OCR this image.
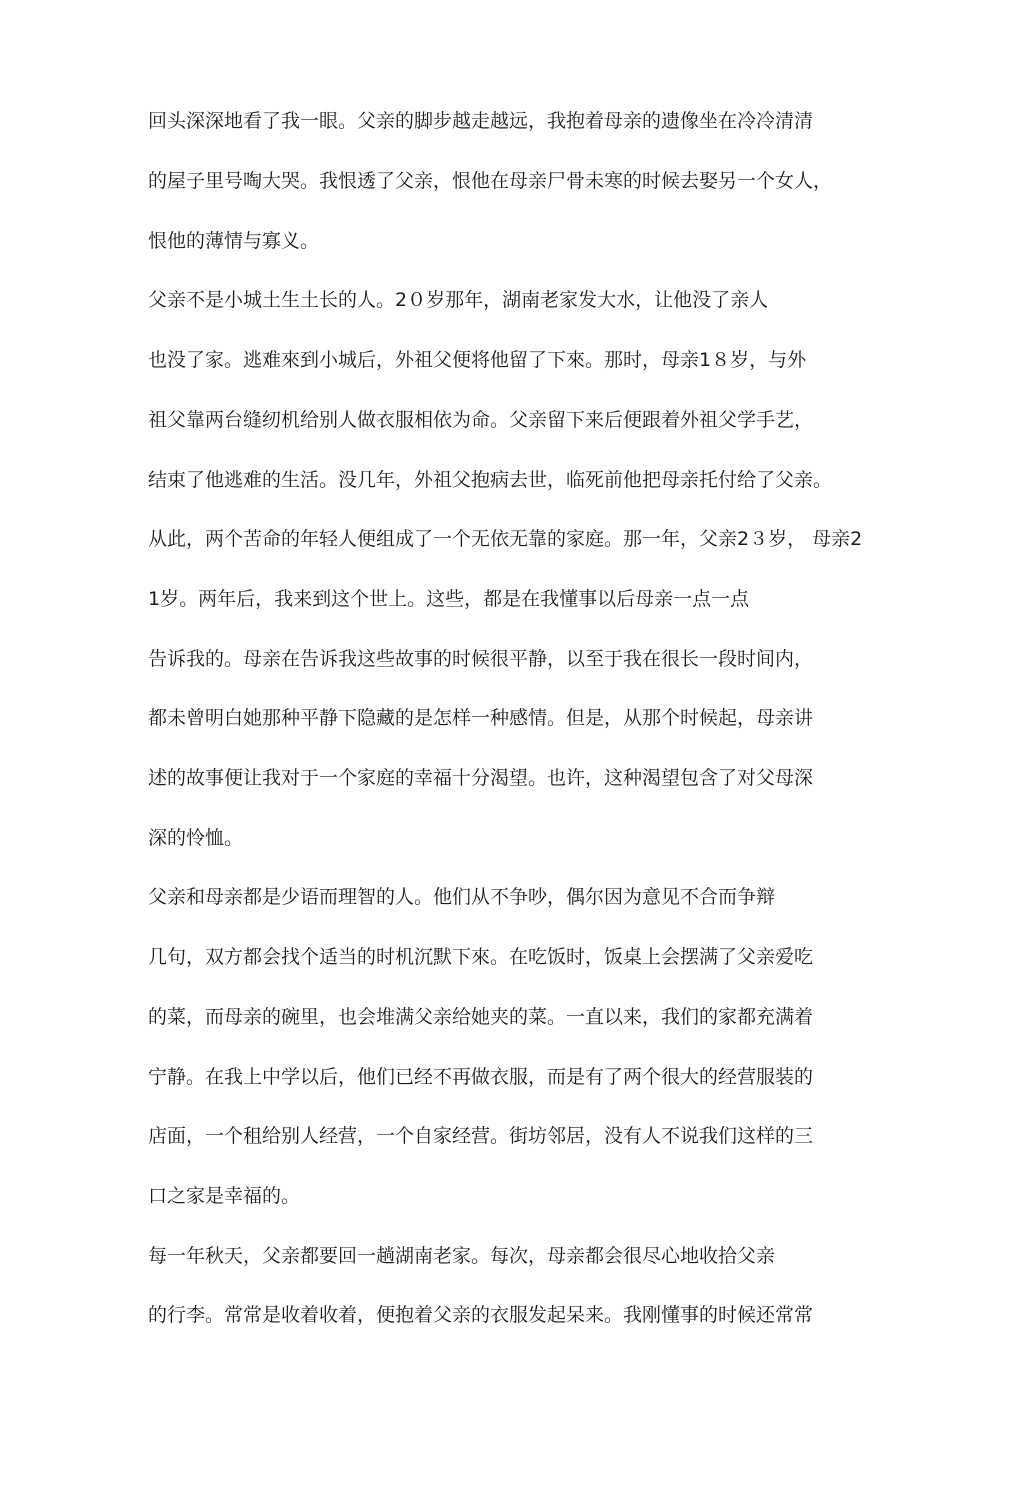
回头深深地看了我一眼。父亲的脚步越走越远，我抱着母亲的遗像坐在冷冷清清

的屋子里号啕大哭。我恨透了父亲，恨他在母亲尸骨未寒的时候去娶另一个女人，

恨他的薄情与寡义。

父亲不是小城土生土长的人。2０岁那年，湖南老家发大水，让他没了亲人

也没了家。逃难來到小城后，外祖父便将他留了下來。那时，母亲1８岁，与外

祖父靠两台缝纫机给别人做衣服相依为命。父亲留下来后便跟着外祖父学手艺，

结束了他逃难的生活。没几年，外祖父抱病去世，临死前他把母亲托付给了父亲。

从此，两个苦命的年轻人便组成了一个无依无靠的家庭。那一年，父亲2３岁， 母亲2

1岁。两年后，我来到这个世上。这些，都是在我懂事以后母亲一点一点

告诉我的。母亲在告诉我这些故事的时候很平静，以至于我在很长一段时间内，

都未曾明白她那种平静下隐藏的是怎样一种感情。但是，从那个时候起，母亲讲

述的故事便让我对于一个家庭的幸福十分渴望。也许，这种渴望包含了对父母深

深的怜恤。

父亲和母亲都是少语而理智的人。他们从不争吵，偶尔因为意见不合而争辩

几句，双方都会找个适当的时机沉默下來。在吃饭时，饭桌上会摆满了父亲爱吃

的菜，而母亲的碗里，也会堆满父亲给她夹的菜。一直以来，我们的家都充满着

宁静。在我上中学以后，他们已经不再做衣服，而是有了两个很大的经营服装的

店面，一个租给别人经营，一个自家经营。街坊邻居，没有人不说我们这样的三

口之家是幸福的。

每一年秋天，父亲都要回一趟湖南老家。每次，母亲都会很尽心地收拾父亲

的行李。常常是收着收着，便抱着父亲的衣服发起呆来。我刚懂事的时候还常常
